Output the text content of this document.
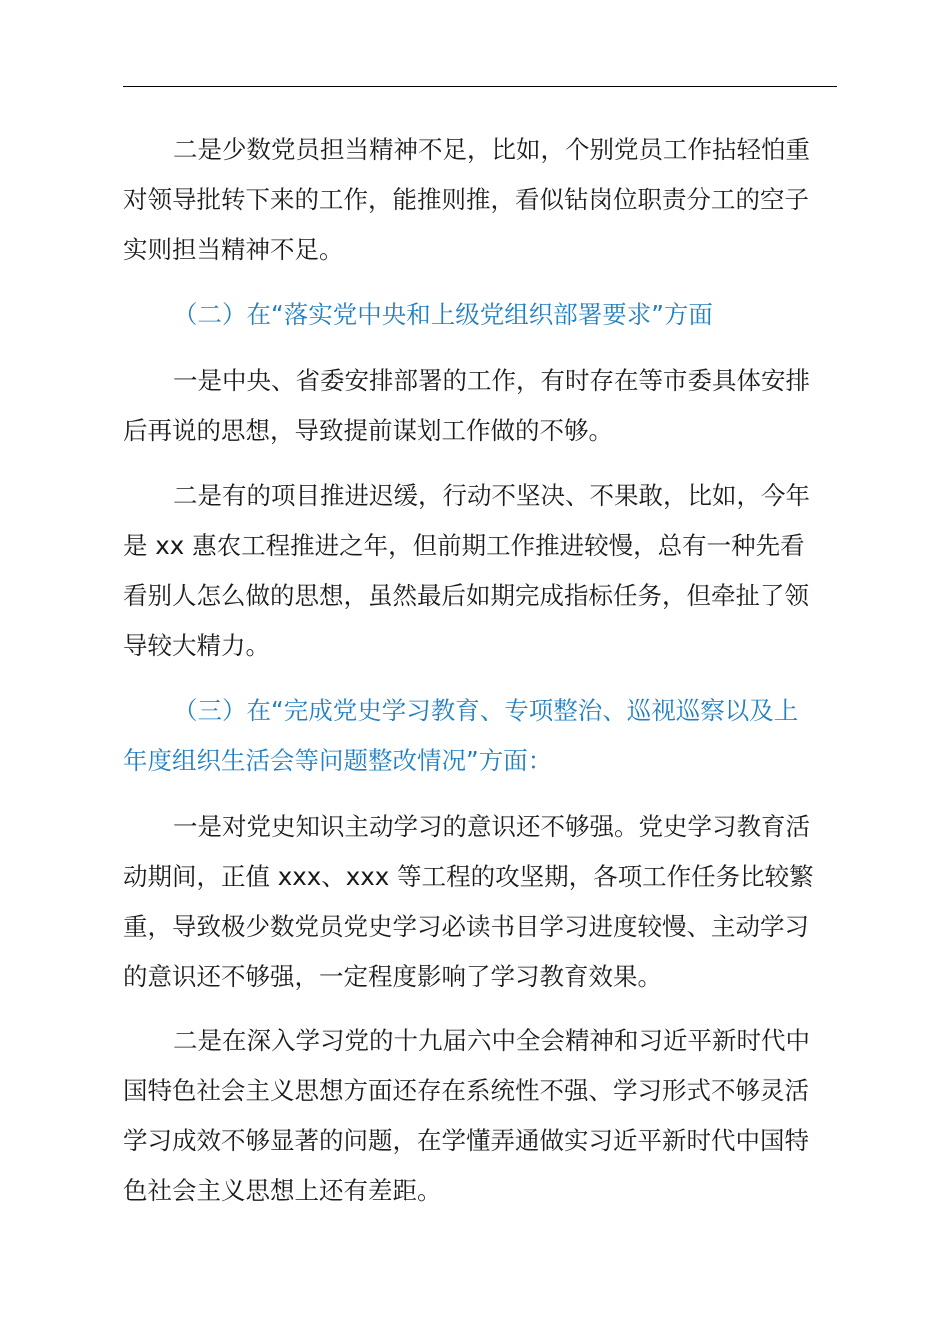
二是少数党员担当精神不足，比如，个别党员工作拈轻怕重
对领导批转下来的工作，能推则推，看似钻岗位职责分工的空子
实则担当精神不足。
（二）在“落实党中央和上级党组织部署要求”方面
一是中央、省委安排部署的工作，有时存在等市委具体安排
后再说的思想，导致提前谋划工作做的不够。
二是有的项目推进迟缓，行动不坚决、不果敢，比如，今年
是 xx 惠农工程推进之年，但前期工作推进较慢，总有一种先看
看别人怎么做的思想，虽然最后如期完成指标任务，但牵扯了领
导较大精力。
（三）在“完成党史学习教育、专项整治、巡视巡察以及上
年度组织生活会等问题整改情况”方面：
一是对党史知识主动学习的意识还不够强。党史学习教育活
动期间，正值 xxx、xxx 等工程的攻坚期，各项工作任务比较繁
重，导致极少数党员党史学习必读书目学习进度较慢、主动学习
的意识还不够强，一定程度影响了学习教育效果。
二是在深入学习党的十九届六中全会精神和习近平新时代中
国特色社会主义思想方面还存在系统性不强、学习形式不够灵活
学习成效不够显著的问题，在学懂弄通做实习近平新时代中国特
色社会主义思想上还有差距。
